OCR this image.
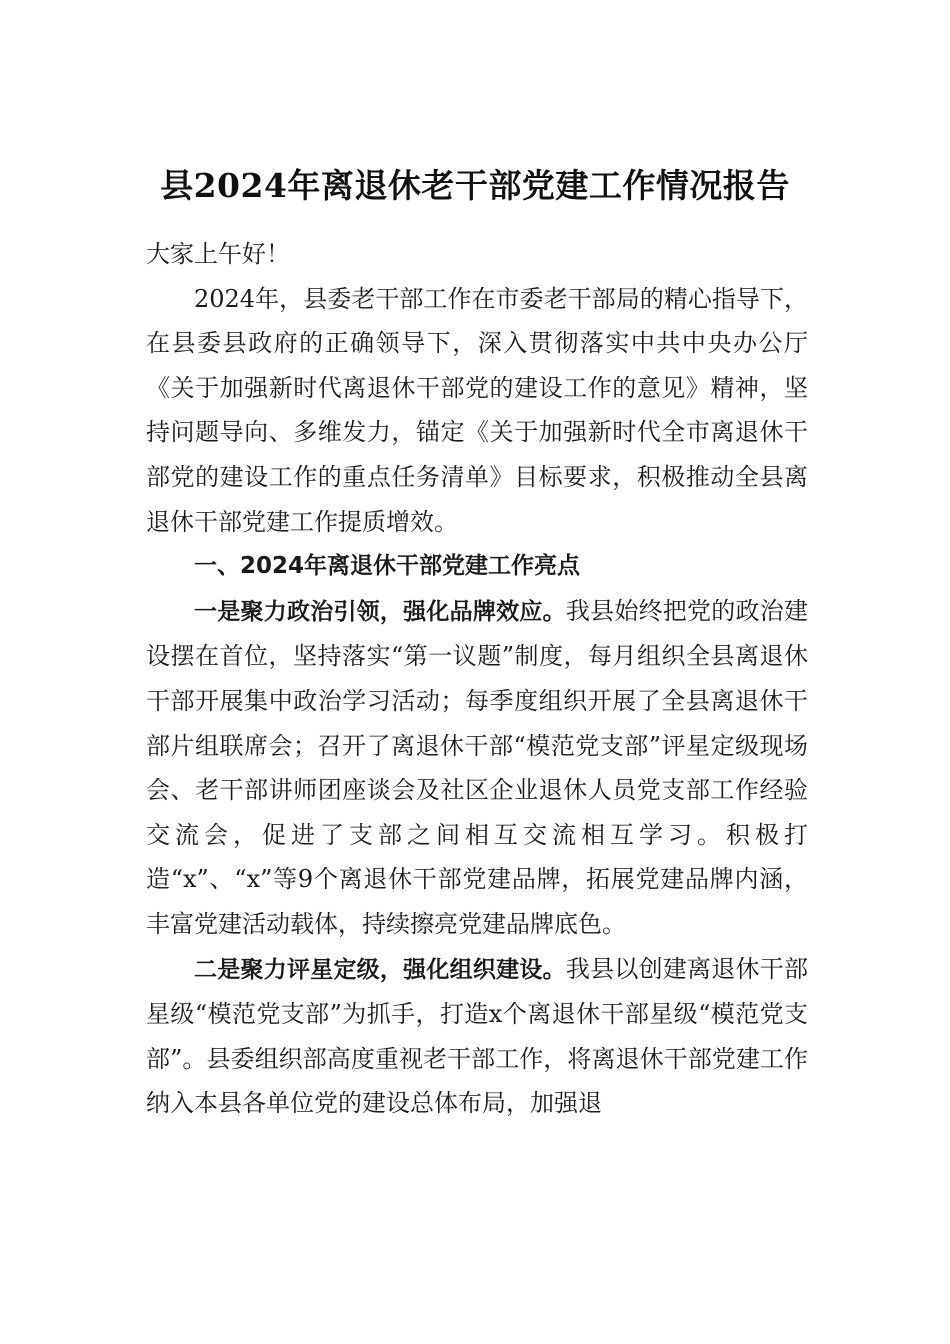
县2024年离退休老干部党建工作情况报告

大家上午好！

2024年，县委老干部工作在市委老干部局的精心指导下，在县委县政府的正确领导下，深入贯彻落实中共中央办公厅《关于加强新时代离退休干部党的建设工作的意见》精神，坚持问题导向、多维发力，锚定《关于加强新时代全市离退休干部党的建设工作的重点任务清单》目标要求，积极推动全县离退休干部党建工作提质增效。

一、2024年离退休干部党建工作亮点

一是聚力政治引领，强化品牌效应。我县始终把党的政治建设摆在首位，坚持落实“第一议题”制度，每月组织全县离退休干部开展集中政治学习活动；每季度组织开展了全县离退休干部片组联席会；召开了离退休干部“模范党支部”评星定级现场会、老干部讲师团座谈会及社区企业退休人员党支部工作经验交流会，促进了支部之间相互交流相互学习。积极打造“x”、“x”等9个离退休干部党建品牌，拓展党建品牌内涵，丰富党建活动载体，持续擦亮党建品牌底色。

二是聚力评星定级，强化组织建设。我县以创建离退休干部星级“模范党支部”为抓手，打造x个离退休干部星级“模范党支部”。县委组织部高度重视老干部工作，将离退休干部党建工作纳入本县各单位党的建设总体布局，加强退
